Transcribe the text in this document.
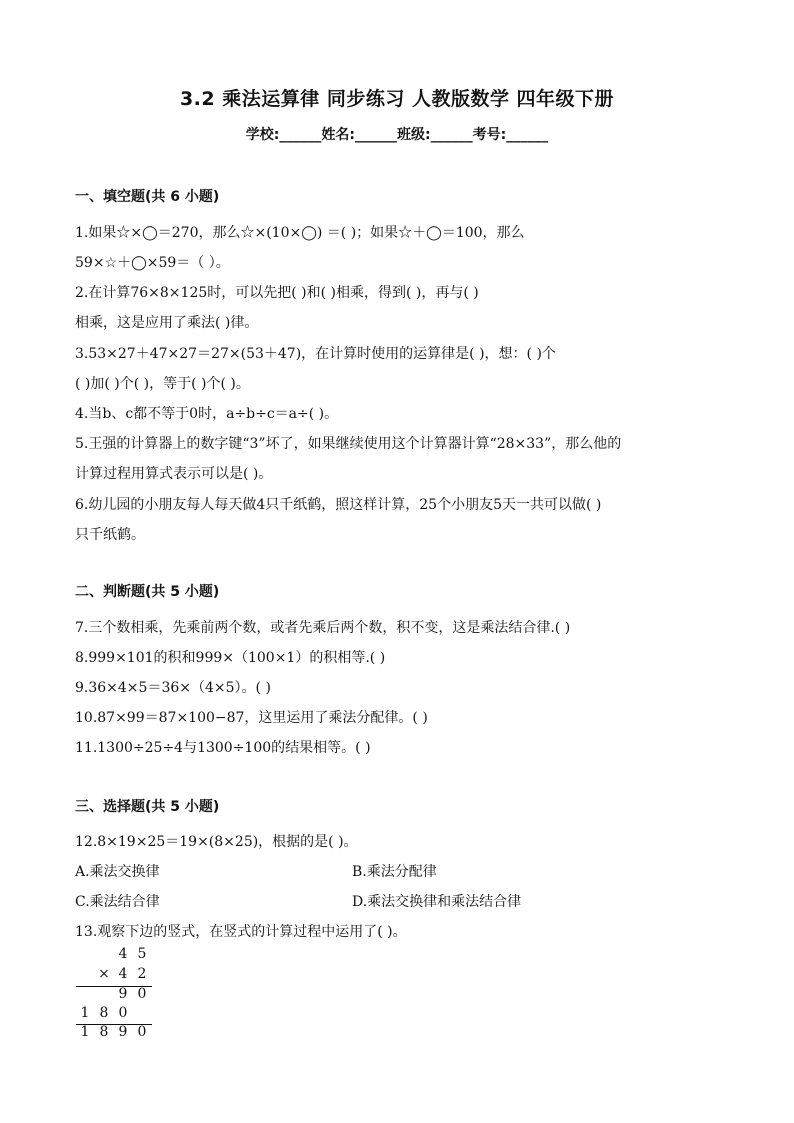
3.2 乘法运算律 同步练习 人教版数学 四年级下册
学校:______姓名:______班级:______考号:______
一、填空题(共 6 小题)
1.如果☆×◯＝270，那么☆×(10×◯) ＝( )；如果☆＋◯＝100，那么
59×☆＋◯×59＝（ ）。
2.在计算76×8×125时，可以先把( )和( )相乘，得到( )，再与( )
相乘，这是应用了乘法( )律。
3.53×27＋47×27＝27×(53＋47)，在计算时使用的运算律是( )，想：( )个
( )加( )个( )，等于( )个( )。
4.当b、c都不等于0时，a÷b÷c＝a÷( )。
5.王强的计算器上的数字键“3”坏了，如果继续使用这个计算器计算“28×33”，那么他的
计算过程用算式表示可以是( )。
6.幼儿园的小朋友每人每天做4只千纸鹤，照这样计算，25个小朋友5天一共可以做( )
只千纸鹤。
二、判断题(共 5 小题)
7.三个数相乘，先乘前两个数，或者先乘后两个数，积不变，这是乘法结合律.( )
8.999×101的积和999×（100×1）的积相等.( )
9.36×4×5＝36×（4×5）。( )
10.87×99＝87×100−87，这里运用了乘法分配律。( )
11.1300÷25÷4与1300÷100的结果相等。( )
三、选择题(共 5 小题)
12.8×19×25＝19×(8×25)，根据的是( )。
A.乘法交换律	B.乘法分配律
C.乘法结合律	D.乘法交换律和乘法结合律
13.观察下边的竖式，在竖式的计算过程中运用了( )。
4 5
× 4 2
9 0
1 8 0
1 8 9 0
